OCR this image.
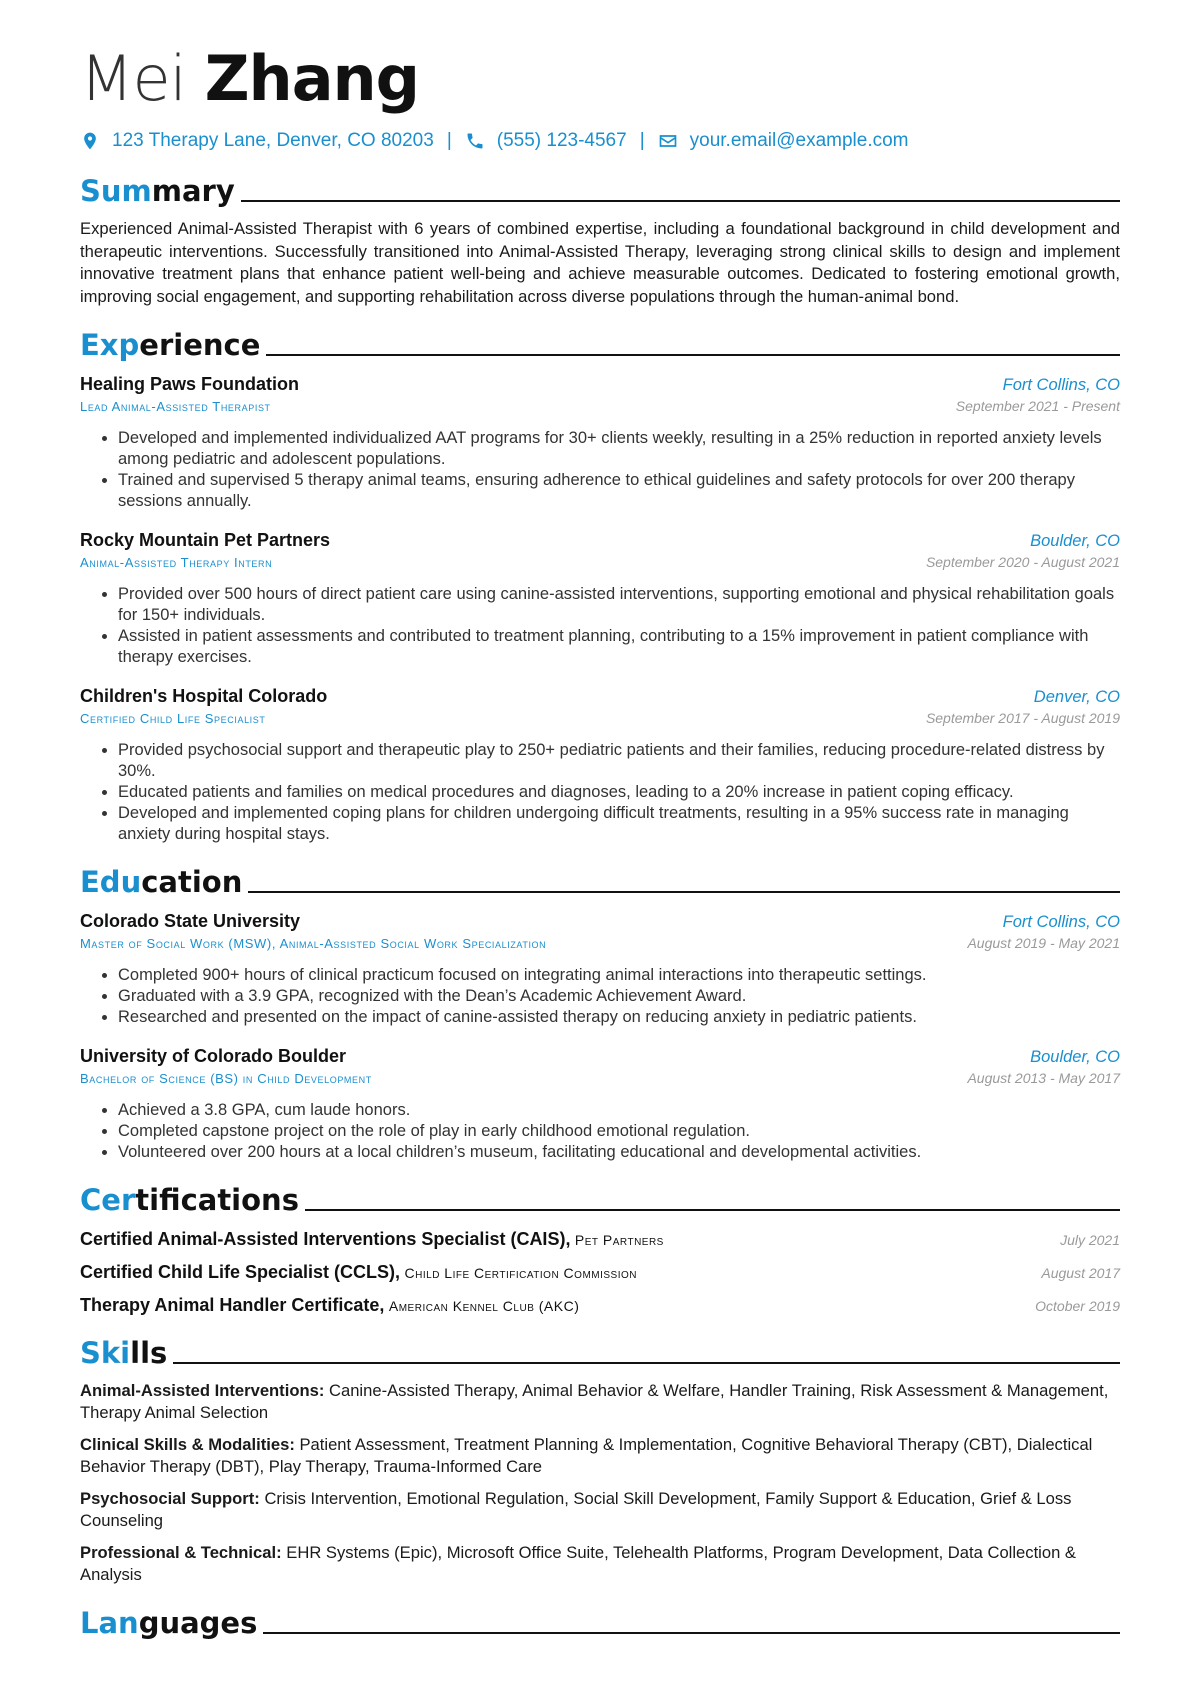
Mei Zhang
123 Therapy Lane, Denver, CO 80203 | (555) 123-4567 | your.email@example.com
Summary
Experienced Animal-Assisted Therapist with 6 years of combined expertise, including a foundational background in child development and therapeutic interventions. Successfully transitioned into Animal-Assisted Therapy, leveraging strong clinical skills to design and implement innovative treatment plans that enhance patient well-being and achieve measurable outcomes. Dedicated to fostering emotional growth, improving social engagement, and supporting rehabilitation across diverse populations through the human-animal bond.
Experience
Healing Paws Foundation	Fort Collins, CO
Lead Animal-Assisted Therapist	September 2021 - Present
• Developed and implemented individualized AAT programs for 30+ clients weekly, resulting in a 25% reduction in reported anxiety levels among pediatric and adolescent populations.
• Trained and supervised 5 therapy animal teams, ensuring adherence to ethical guidelines and safety protocols for over 200 therapy sessions annually.
Rocky Mountain Pet Partners	Boulder, CO
Animal-Assisted Therapy Intern	September 2020 - August 2021
• Provided over 500 hours of direct patient care using canine-assisted interventions, supporting emotional and physical rehabilitation goals for 150+ individuals.
• Assisted in patient assessments and contributed to treatment planning, contributing to a 15% improvement in patient compliance with therapy exercises.
Children's Hospital Colorado	Denver, CO
Certified Child Life Specialist	September 2017 - August 2019
• Provided psychosocial support and therapeutic play to 250+ pediatric patients and their families, reducing procedure-related distress by 30%.
• Educated patients and families on medical procedures and diagnoses, leading to a 20% increase in patient coping efficacy.
• Developed and implemented coping plans for children undergoing difficult treatments, resulting in a 95% success rate in managing anxiety during hospital stays.
Education
Colorado State University	Fort Collins, CO
Master of Social Work (MSW), Animal-Assisted Social Work Specialization	August 2019 - May 2021
• Completed 900+ hours of clinical practicum focused on integrating animal interactions into therapeutic settings.
• Graduated with a 3.9 GPA, recognized with the Dean’s Academic Achievement Award.
• Researched and presented on the impact of canine-assisted therapy on reducing anxiety in pediatric patients.
University of Colorado Boulder	Boulder, CO
Bachelor of Science (BS) in Child Development	August 2013 - May 2017
• Achieved a 3.8 GPA, cum laude honors.
• Completed capstone project on the role of play in early childhood emotional regulation.
• Volunteered over 200 hours at a local children’s museum, facilitating educational and developmental activities.
Certifications
Certified Animal-Assisted Interventions Specialist (CAIS), Pet Partners	July 2021
Certified Child Life Specialist (CCLS), Child Life Certification Commission	August 2017
Therapy Animal Handler Certificate, American Kennel Club (AKC)	October 2019
Skills
Animal-Assisted Interventions: Canine-Assisted Therapy, Animal Behavior & Welfare, Handler Training, Risk Assessment & Management, Therapy Animal Selection
Clinical Skills & Modalities: Patient Assessment, Treatment Planning & Implementation, Cognitive Behavioral Therapy (CBT), Dialectical Behavior Therapy (DBT), Play Therapy, Trauma-Informed Care
Psychosocial Support: Crisis Intervention, Emotional Regulation, Social Skill Development, Family Support & Education, Grief & Loss Counseling
Professional & Technical: EHR Systems (Epic), Microsoft Office Suite, Telehealth Platforms, Program Development, Data Collection & Analysis
Languages
